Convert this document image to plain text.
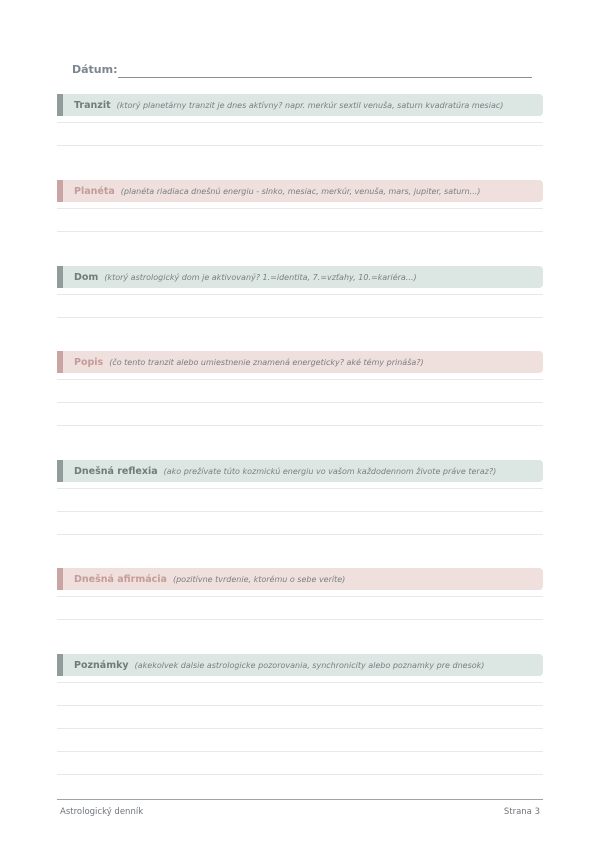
Dátum:
Tranzit (ktorý planetárny tranzit je dnes aktívny? napr. merkúr sextil venuša, saturn kvadratúra mesiac)
Planéta (planéta riadiaca dnešnú energiu - slnko, mesiac, merkúr, venuša, mars, jupiter, saturn...)
Dom (ktorý astrologický dom je aktivovaný? 1.=identita, 7.=vzťahy, 10.=kariéra...)
Popis (čo tento tranzit alebo umiestnenie znamená energeticky? aké témy prináša?)
Dnešná reflexia (ako prežívate túto kozmickú energiu vo vašom každodennom živote práve teraz?)
Dnešná afirmácia (pozitívne tvrdenie, ktorému o sebe veríte)
Poznámky (akekolvek dalsie astrologicke pozorovania, synchronicity alebo poznamky pre dnesok)
Astrologický denník	Strana 3
